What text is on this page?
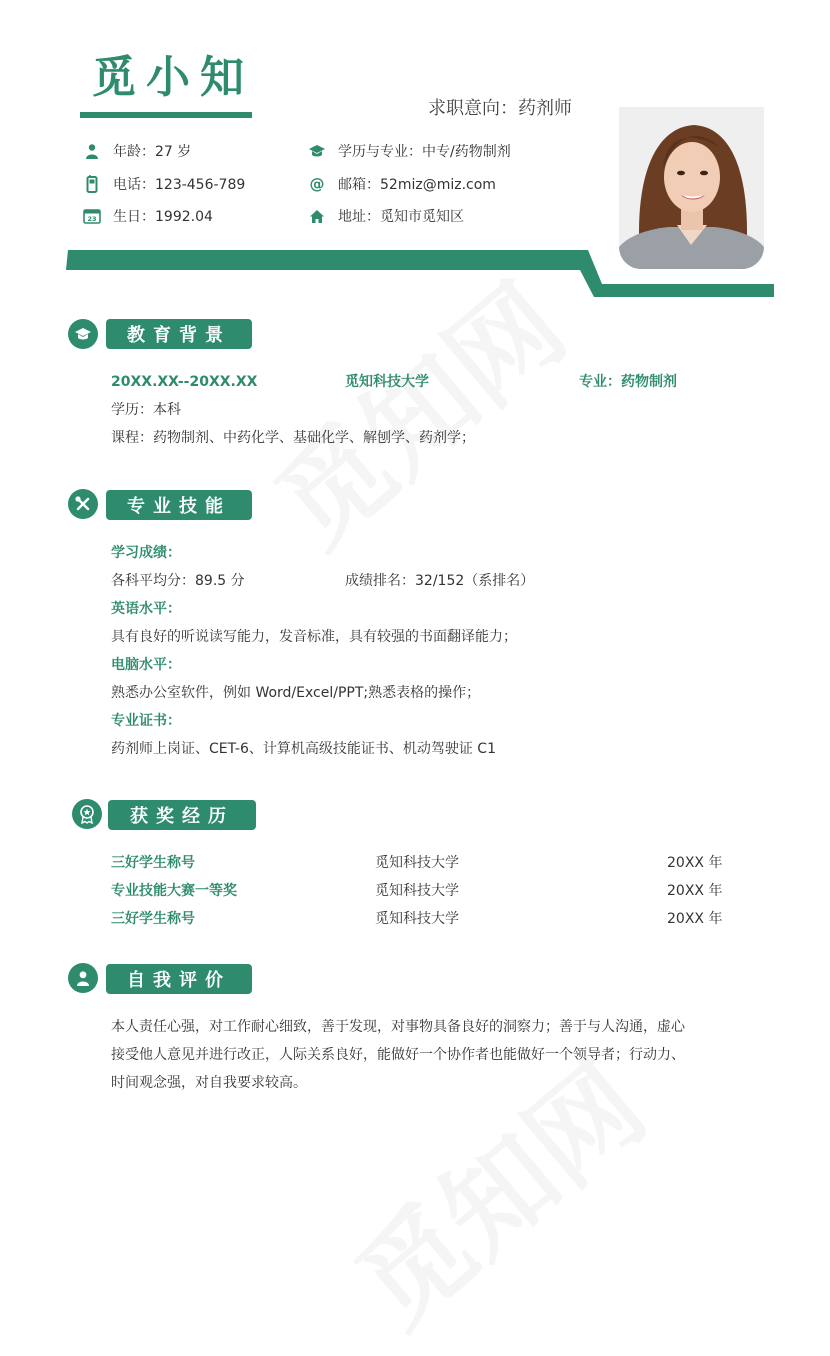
觅小知
求职意向：药剂师
年龄：27 岁
电话：123-456-789
23 生日：1992.04
学历与专业：中专/药物制剂
@ 邮箱：52miz@miz.com
地址：觅知市觅知区
教育背景
20XX.XX--20XX.XX	觅知科技大学	专业：药物制剂
学历：本科
课程：药物制剂、中药化学、基础化学、解刨学、药剂学；
专业技能
学习成绩：
各科平均分：89.5 分	成绩排名：32/152（系排名）
英语水平：
具有良好的听说读写能力，发音标准，具有较强的书面翻译能力；
电脑水平：
熟悉办公室软件，例如 Word/Excel/PPT;熟悉表格的操作；
专业证书：
药剂师上岗证、CET-6、计算机高级技能证书、机动驾驶证 C1
获奖经历
三好学生称号	觅知科技大学	20XX 年
专业技能大赛一等奖	觅知科技大学	20XX 年
三好学生称号	觅知科技大学	20XX 年
自我评价
本人责任心强，对工作耐心细致，善于发现，对事物具备良好的洞察力；善于与人沟通，虚心
接受他人意见并进行改正，人际关系良好，能做好一个协作者也能做好一个领导者；行动力、
时间观念强，对自我要求较高。
